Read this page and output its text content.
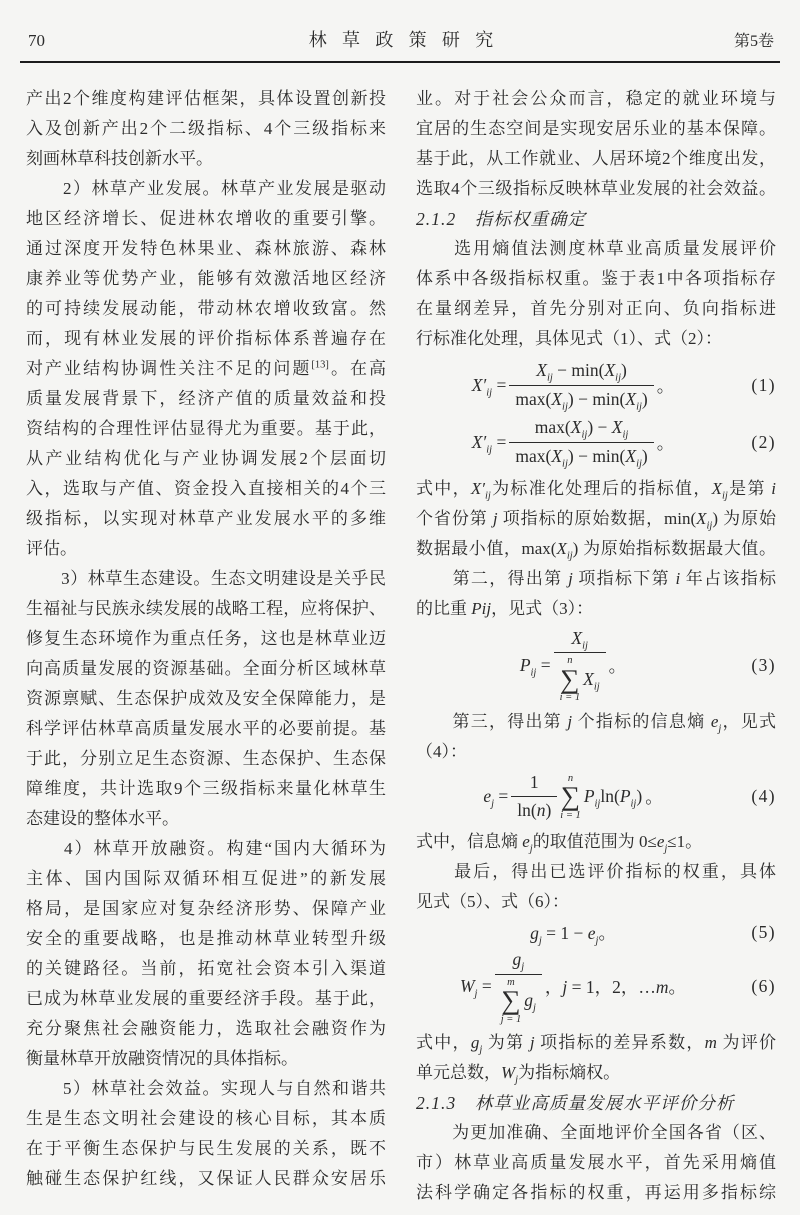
70	林草政策研究	第5卷
产出2个维度构建评估框架，具体设置创新投
入及创新产出2个二级指标、4个三级指标来
刻画林草科技创新水平。
　　2）林草产业发展。林草产业发展是驱动
地区经济增长、促进林农增收的重要引擎。
通过深度开发特色林果业、森林旅游、森林
康养业等优势产业，能够有效激活地区经济
的可持续发展动能，带动林农增收致富。然
而，现有林业发展的评价指标体系普遍存在
对产业结构协调性关注不足的问题[13]。在高
质量发展背景下，经济产值的质量效益和投
资结构的合理性评估显得尤为重要。基于此，
从产业结构优化与产业协调发展2个层面切
入，选取与产值、资金投入直接相关的4个三
级指标，以实现对林草产业发展水平的多维
评估。
　　3）林草生态建设。生态文明建设是关乎民
生福祉与民族永续发展的战略工程，应将保护、
修复生态环境作为重点任务，这也是林草业迈
向高质量发展的资源基础。全面分析区域林草
资源禀赋、生态保护成效及安全保障能力，是
科学评估林草高质量发展水平的必要前提。基
于此，分别立足生态资源、生态保护、生态保
障维度，共计选取9个三级指标来量化林草生
态建设的整体水平。
　　4）林草开放融资。构建“国内大循环为
主体、国内国际双循环相互促进”的新发展
格局，是国家应对复杂经济形势、保障产业
安全的重要战略，也是推动林草业转型升级
的关键路径。当前，拓宽社会资本引入渠道
已成为林草业发展的重要经济手段。基于此，
充分聚焦社会融资能力，选取社会融资作为
衡量林草开放融资情况的具体指标。
　　5）林草社会效益。实现人与自然和谐共
生是生态文明社会建设的核心目标，其本质
在于平衡生态保护与民生发展的关系，既不
触碰生态保护红线，又保证人民群众安居乐
业。对于社会公众而言，稳定的就业环境与
宜居的生态空间是实现安居乐业的基本保障。
基于此，从工作就业、人居环境2个维度出发，
选取4个三级指标反映林草业发展的社会效益。
2.1.2　指标权重确定
　　选用熵值法测度林草业高质量发展评价
体系中各级指标权重。鉴于表1中各项指标存
在量纲差异，首先分别对正向、负向指标进
行标准化处理，具体见式（1）、式（2）：
$X'_{ij} = \frac{X_{ij} - \min(X_{ij})}{\max(X_{ij}) - \min(X_{ij})}$ 。	(1)
$X'_{ij} = \frac{\max(X_{ij}) - X_{ij}}{\max(X_{ij}) - \min(X_{ij})}$ 。	(2)
式中，$X'_{ij}$为标准化处理后的指标值，$X_{ij}$是第 i
个省份第 j 项指标的原始数据，$\min(X_{ij})$ 为原始
数据最小值，$\max(X_{ij})$ 为原始指标数据最大值。
　　第二，得出第 j 项指标下第 i 年占该指标
的比重 Pij，见式（3）：
$P_{ij}$ =
$X_{ij}$
n
∑
i = 1
$X_{ij}$
。	(3)
　　第三，得出第 j 个指标的信息熵 $e_j$，见式
（4）：
$e_j = \frac{1}{\ln(n)}$ n
∑
i = 1
$P_{ij}\ln(P_{ij})$ 。	(4)
式中，信息熵 $e_j$的取值范围为 $0\le e_j\le 1$。
　　最后，得出已选评价指标的权重，具体
见式（5）、式（6）：
$g_j = 1 - e_j$。	(5)
$W_j$ =
$g_j$
m
∑
j = 1
$g_j$
，j = 1，2，…m。	(6)
式中，$g_j$ 为第 j 项指标的差异系数，m 为评价
单元总数，$W_j$为指标熵权。
2.1.3　林草业高质量发展水平评价分析
　　为更加准确、全面地评价全国各省（区、
市）林草业高质量发展水平，首先采用熵值
法科学确定各指标的权重，再运用多指标综
